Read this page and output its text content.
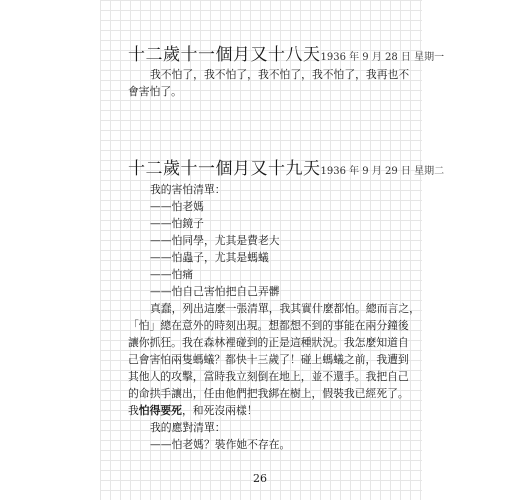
十二歲十一個月又十八天 1936 年 9 月 28 日 星期一
我不怕了，我不怕了，我不怕了，我不怕了，我再也不
會害怕了。
十二歲十一個月又十九天 1936 年 9 月 29 日 星期二
我的害怕清單：
——怕老媽
——怕鏡子
——怕同學，尤其是費老大
——怕蟲子，尤其是螞蟻
——怕痛
——怕自己害怕把自己弄髒
真蠢，列出這麼一張清單，我其實什麼都怕。總而言之，
「怕」總在意外的時刻出現。想都想不到的事能在兩分鐘後
讓你抓狂。我在森林裡碰到的正是這種狀況。我怎麼知道自
己會害怕兩隻螞蟻？都快十三歲了！碰上螞蟻之前，我遭到
其他人的攻擊，當時我立刻倒在地上，並不還手。我把自己
的命拱手讓出，任由他們把我綁在樹上，假裝我已經死了。
我怕得要死，和死沒兩樣！
我的應對清單：
——怕老媽？裝作她不存在。
26
